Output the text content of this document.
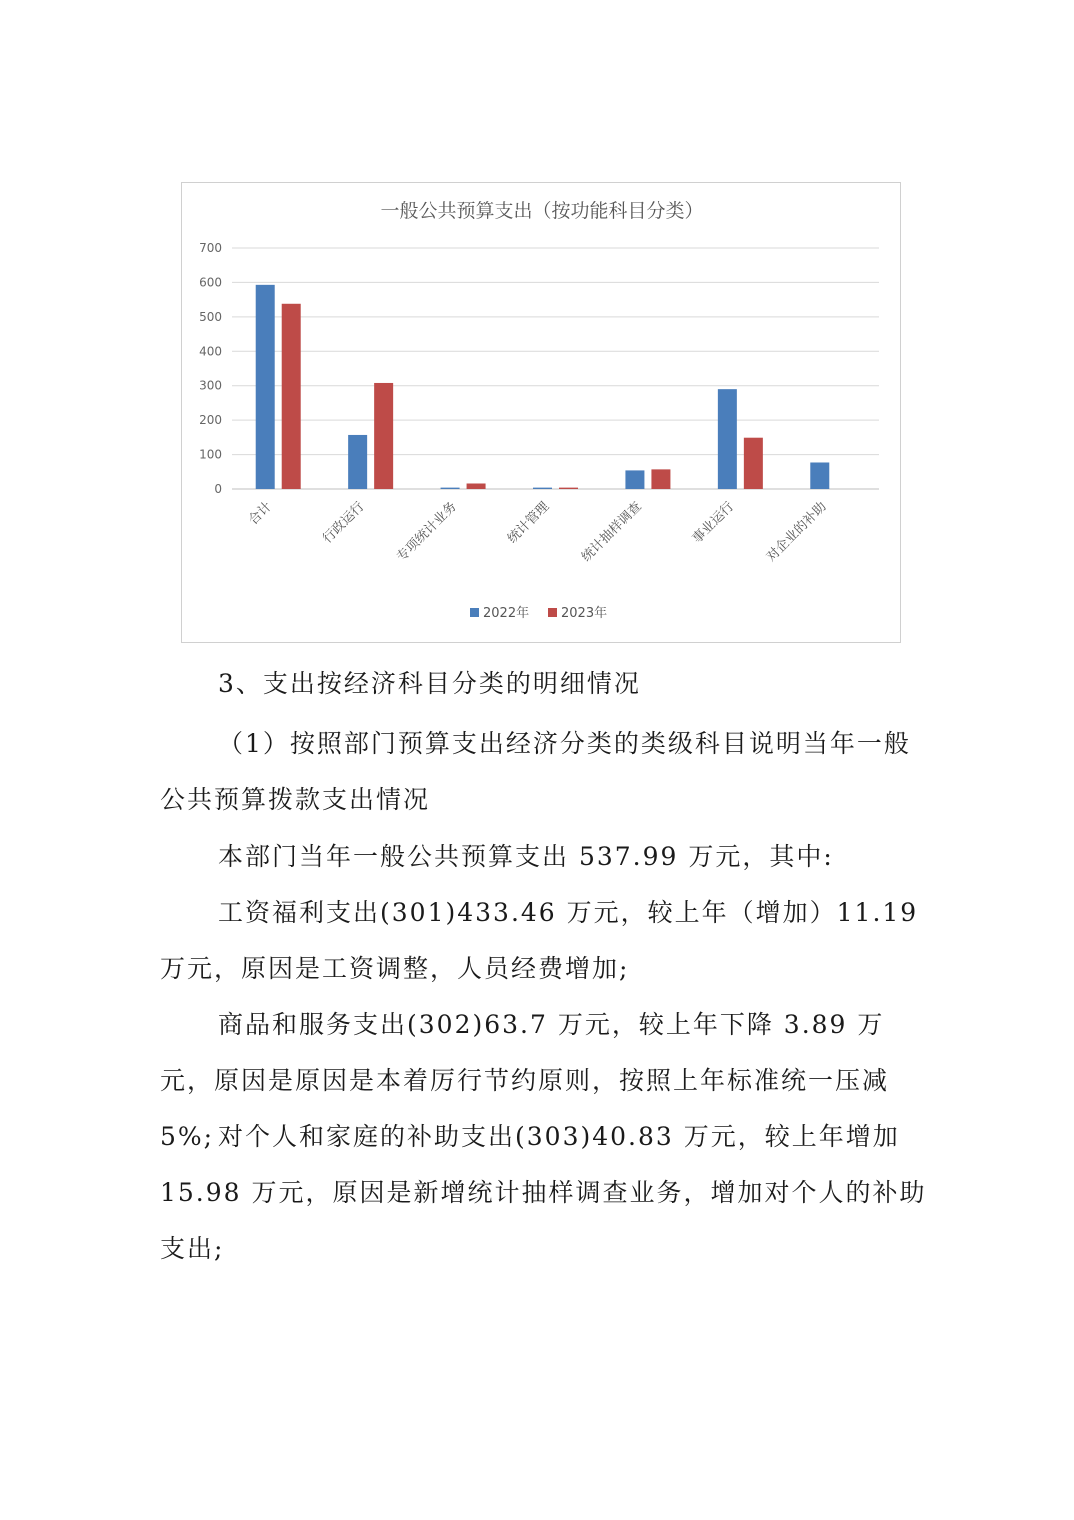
一般公共预算支出（按功能科目分类）
0
100
200
300
400
500
600
700
合计	行政运行 专项统计业务	统计管理 统计抽样调查	事业运行 对企业的补助
2022年 2023年

3、支出按经济科目分类的明细情况

（1）按照部门预算支出经济分类的类级科目说明当年一般公共预算拨款支出情况

本部门当年一般公共预算支出 537.99 万元，其中:

工资福利支出(301)433.46 万元，较上年（增加）11.19 万元，原因是工资调整，人员经费增加;

商品和服务支出(302)63.7 万元，较上年下降 3.89 万元，原因是原因是本着厉行节约原则，按照上年标准统一压减 5%; 对个人和家庭的补助支出(303)40.83 万元，较上年增加 15.98 万元，原因是新增统计抽样调查业务，增加对个人的补助支出;
